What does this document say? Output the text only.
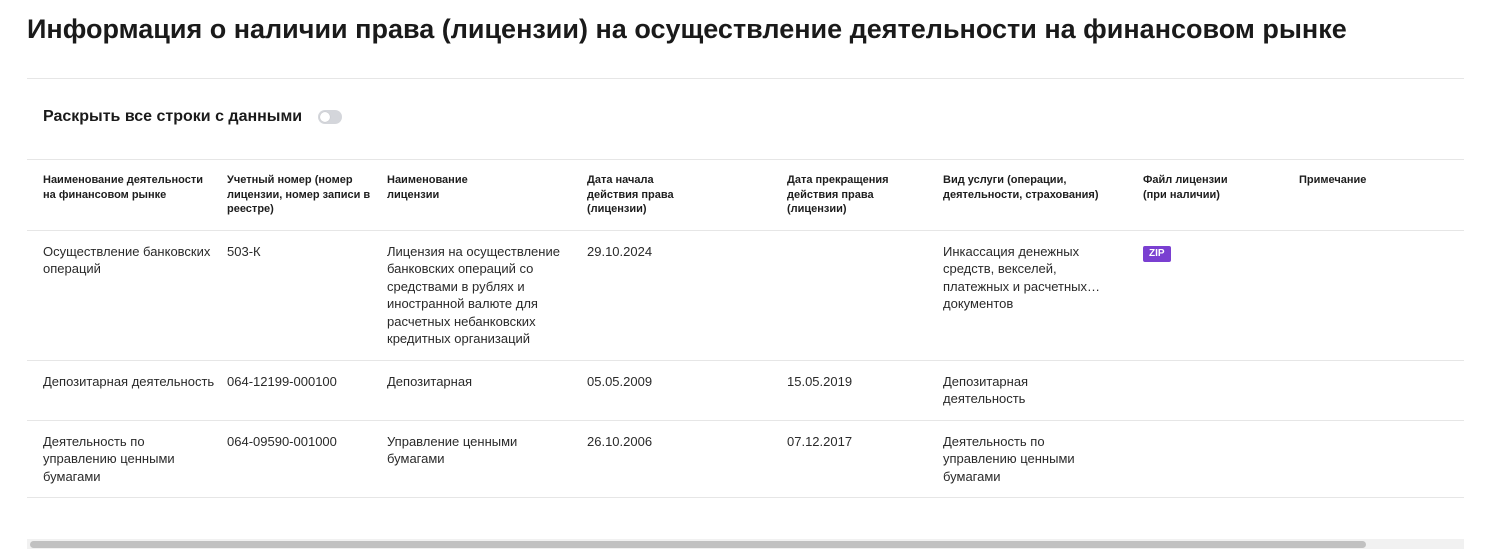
Информация о наличии права (лицензии) на осуществление деятельности на финансовом рынке
Раскрыть все строки с данными
Наименование деятельности на финансовом рынке	Учетный номер (номер лицензии, номер записи в реестре)	Наименование лицензии	Дата начала действия права (лицензии)	Дата прекращения действия права (лицензии)	Вид услуги (операции, деятельности, страхования)	Файл лицензии (при наличии)	Примечание
Осуществление банковских операций	503-К	Лицензия на осуществление банковских операций со средствами в рублях и иностранной валюте для расчетных небанковских кредитных организаций	29.10.2024		Инкассация денежных средств, векселей, платежных и расчетных документов	ZIP	
Депозитарная деятельность	064-12199-000100	Депозитарная	05.05.2009	15.05.2019	Депозитарная деятельность		
Деятельность по управлению ценными бумагами	064-09590-001000	Управление ценными бумагами	26.10.2006	07.12.2017	Деятельность по управлению ценными бумагами		
